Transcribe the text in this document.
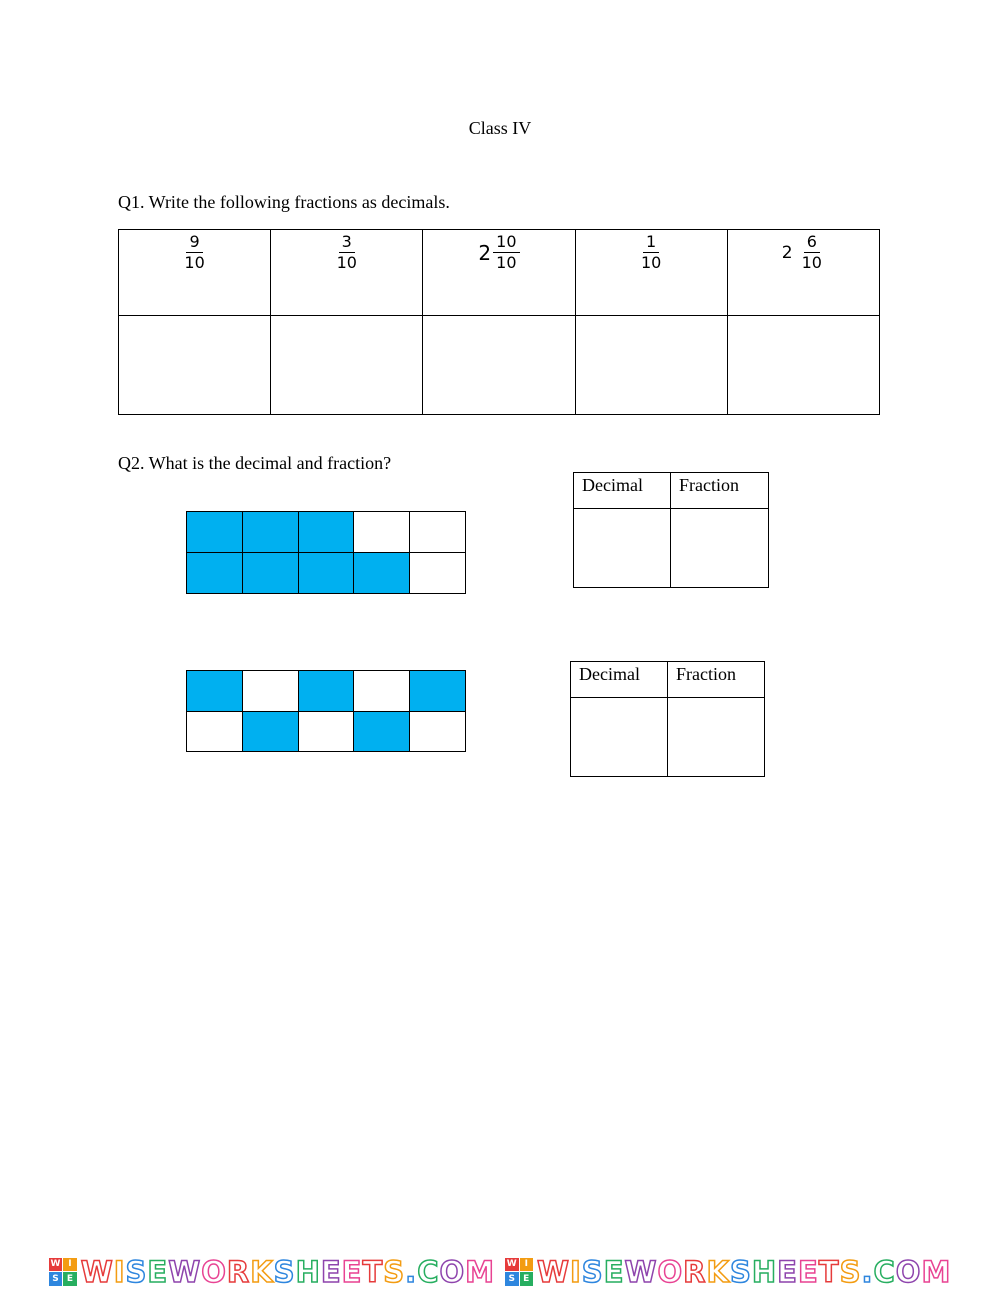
Class IV
Q1. Write the following fractions as decimals.
$\frac{9}{10}$	$\frac{3}{10}$	$2 \frac{10}{10}$	$\frac{1}{10}$	$2 \frac{6}{10}$

Q2. What is the decimal and fraction?

Decimal	Fraction

Decimal	Fraction

W I
S E WISEWORKSHEETS.COM W I
S E WISEWORKSHEETS.COM
